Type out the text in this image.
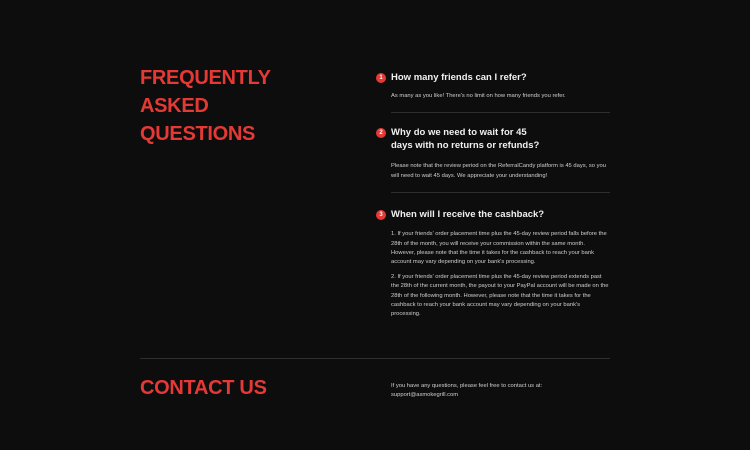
FREQUENTLY
ASKED
QUESTIONS
1 How many friends can I refer?

As many as you like! There's no limit on how many friends you refer.

2 Why do we need to wait for 45 days with no returns or refunds?

Please note that the review period on the ReferralCandy platform is 45 days, so you will need to wait 45 days. We appreciate your understanding!

3 When will I receive the cashback?

1. If your friends' order placement time plus the 45-day review period falls before the 28th of the month, you will receive your commission within the same month. However, please note that the time it takes for the cashback to reach your bank account may vary depending on your bank's processing.

2. If your friends' order placement time plus the 45-day review period extends past the 28th of the current month, the payout to your PayPal account will be made on the 28th of the following month. However, please note that the time it takes for the cashback to reach your bank account may vary depending on your bank's processing.

CONTACT US	If you have any questions, please feel free to contact us at:
support@asmokegrill.com
